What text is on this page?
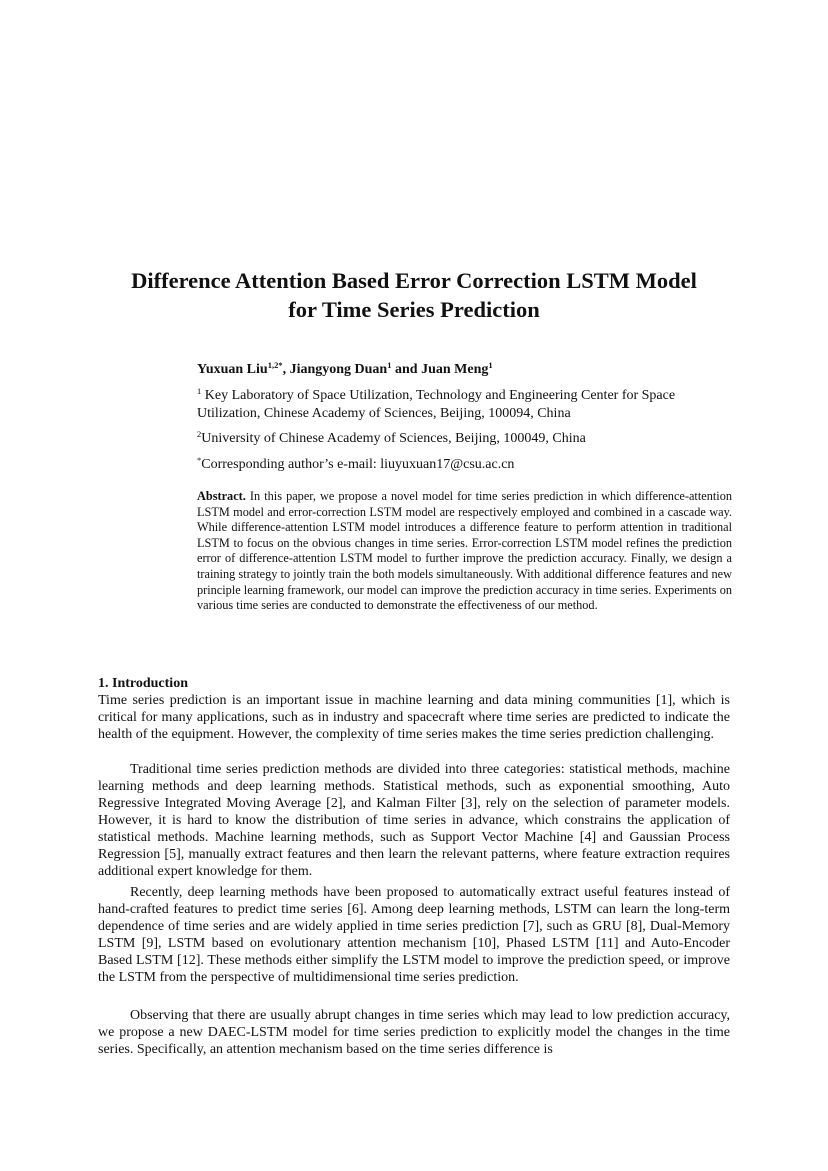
Difference Attention Based Error Correction LSTM Model
for Time Series Prediction
Yuxuan Liu$^{1,2*}$, Jiangyong Duan$^1$ and Juan Meng$^1$

$^1$ Key Laboratory of Space Utilization, Technology and Engineering Center for Space Utilization, Chinese Academy of Sciences, Beijing, 100094, China

$^2$University of Chinese Academy of Sciences, Beijing, 100049, China

*Corresponding author’s e-mail: liuyuxuan17@csu.ac.cn

Abstract. In this paper, we propose a novel model for time series prediction in which difference-attention LSTM model and error-correction LSTM model are respectively employed and combined in a cascade way. While difference-attention LSTM model introduces a difference feature to perform attention in traditional LSTM to focus on the obvious changes in time series. Error-correction LSTM model refines the prediction error of difference-attention LSTM model to further improve the prediction accuracy. Finally, we design a training strategy to jointly train the both models simultaneously. With additional difference features and new principle learning framework, our model can improve the prediction accuracy in time series. Experiments on various time series are conducted to demonstrate the effectiveness of our method.

1. Introduction

Time series prediction is an important issue in machine learning and data mining communities [1], which is critical for many applications, such as in industry and spacecraft where time series are predicted to indicate the health of the equipment. However, the complexity of time series makes the time series prediction challenging.

Traditional time series prediction methods are divided into three categories: statistical methods, machine learning methods and deep learning methods. Statistical methods, such as exponential smoothing, Auto Regressive Integrated Moving Average [2], and Kalman Filter [3], rely on the selection of parameter models. However, it is hard to know the distribution of time series in advance, which constrains the application of statistical methods. Machine learning methods, such as Support Vector Machine [4] and Gaussian Process Regression [5], manually extract features and then learn the relevant patterns, where feature extraction requires additional expert knowledge for them.

Recently, deep learning methods have been proposed to automatically extract useful features instead of hand-crafted features to predict time series [6]. Among deep learning methods, LSTM can learn the long-term dependence of time series and are widely applied in time series prediction [7], such as GRU [8], Dual-Memory LSTM [9], LSTM based on evolutionary attention mechanism [10], Phased LSTM [11] and Auto-Encoder Based LSTM [12]. These methods either simplify the LSTM model to improve the prediction speed, or improve the LSTM from the perspective of multidimensional time series prediction.

Observing that there are usually abrupt changes in time series which may lead to low prediction accuracy, we propose a new DAEC-LSTM model for time series prediction to explicitly model the changes in the time series. Specifically, an attention mechanism based on the time series difference is
